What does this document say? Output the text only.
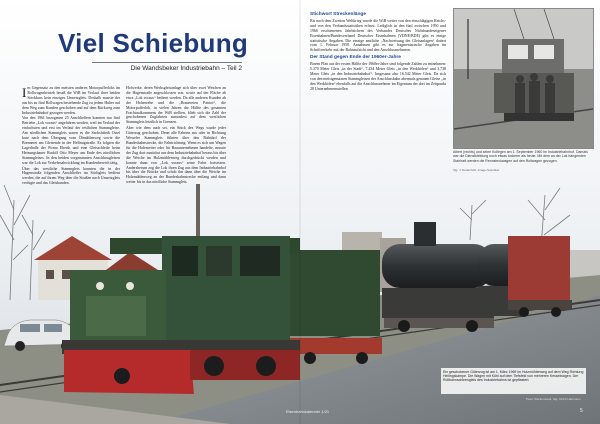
Viel Schiebung
Die Wandsbeker Industriebahn – Teil 2

Im Gegensatz zu den meisten anderen Motorpufferloks im Rollwagenbetrieb besaß die WiB im Verlauf ihrer beiden Steckkurs kein einziges Umsetzgleis. Deshalb musste der aus bis zu fünf Rollwagen bestehende Zug zu jedem Halter auf dem Weg zum Kunden geschoben und auf dem Rückweg zum Industriebahnhof gezogen werden.

Von den 1961 bezogenen 25 Anschließern konnten nur fünf Betriebe „Lok voraus“ angefahren werden, weil im Verlauf der einfachsten und erst im Verlauf der restlichen Stammgleise. Am nördlichen Stammgleis waren es die Sachsfabrik Ostel kurz nach dem Übergang vom Ölmühlenweg sowie die Brennerei am Gleisende in der Hellmigstraße. Es folgten die Lagerhalle der Firma Eberth und eine Gleisschleife beim Heizungsbauer Rudolf Otto Meyer am Ende des nördlichen Stammgleises. In den beiden vorgenannten Anschlussgleisen war die Lok zur Verkehrsabwicklung im Kundenbereich tätig.

Über das westliche Stammgleis konnten die in der Hagenstraße folgenden Anschließer im Stichgleis bedient werden, die auf ihrem Weg über die Straßen nach Umsetzgleis verfügte und das Gleiskunden.

Hofwerke, deren Werksgleisanlage sich über zwei Weichen an die Hagenstraße angeschlossen war, sowie auf der Fläche ab etwa „Lok voraus“ bedient werden. Da alle anderen Kunden ab der Hohenrehe und die „Brauereien Patriot“, die Motorpufferlok, in vielen Jahren die Hälfte des gesamten Frachtaufkommens der WiB stellten, blieb sich die Zahl der geschobenen Zugfahrten zumindest auf dem westlichen Stammgleis letztlich in Grenzen.

Aber wie dem auch sei, ein Stück des Wegs wurde jeder Güterzug geschoben. Denn alle Fahrten aus oder in Richtung Wesseler Stammgleis führten über den Bahnhof der Bundesbahnstrecke, die Fahrtrichtung. Wenn es sich um Wagen für die Hafenreiter oder für Bauunternehmen handelte, musste der Zug dort zunächst aus dem Industriebahnhof heraus bis über die Weiche im Holzmühlenweg durchgedrückt werden und konnte dann von „Lok voraus“ seine Fahrt fortsetzen. Andersherum zog die Lok ihren Zug aus dem Industriebahnhof bis über die Brücke und schob ihn dann über die Weiche im Holzmühlenweg an der Bundesbahnstrecke entlang und dann weiter bis in das nördliche Stammgleis.

Stichwort Streckenlänge

Bis nach dem Zweiten Weltkrieg wurde die WiB weiter von den einschlägigen Reichs- und von den Verbandsstatistiken erfasst. Lediglich in den fünf zwischen 1950 und 1966 erschienenen Jahrbüchern des Verbandes Deutscher Nichtbundeseigener Eisenbahnen/Bundesverband Deutscher Eisenbahnen (VDNE/BDE) gibt es einige statistische Angaben. Die einzige amtliche „Nachweisung der Gleisanlagen“ datiert vom 1. Februar 1958. Annahmen gibt es zur fragmentarische Angaben im Schriftverkehr mit der Bahnaufsicht und den Anschlussnehmern.

Der Stand gegen Ende der 1960er-Jahre

Einem Plan aus der ersten Hälfte der 1960er-Jahre sind folgende Zahlen zu entnehmen: 5.370 Meter Gleis „in der Stadt“, 7.434 Meter Gleis „in den Werkhöfen“ und 3.738 Meter Gleis „in den Industriebahnhof“. Insgesamt also 16.542 Meter Gleis. Da sich von den meistgenutzten Stammgleisen der Anschlussbahn abermals genauen Gleise „in den Werkhöfen“ ebenfalls auf die Anschlussnehmer im Eigentum der drei im Zeitpunkt 28 Unternehmensstellen

Albert (rechts) und seine Kollegen am 1. September 1960 im Industriebahnhof. Damals war die Dienstkleidung noch etwas lockerer als heute. Mit dem an der Lok hängenden Stahlseil werden die Rennsteckwagen auf den Rollwagen gezogen.

Slg. J. Dodenhöft, Image-Scanflow

Ein geschobener Güterzug ist am 1. März 1969 im Holzmühlenweg auf dem Weg Richtung Hellingskampe. Die Wagen mit Kühl auf dem Tiefsfeld von mehreren Kesselwagen. Der Rollbahnschleengleis des Industriebahns ist gepflastert.

Peter Wackenstedt, Slg. Ulrich Hartmann
Eisenbahnkalender 1/21	5
